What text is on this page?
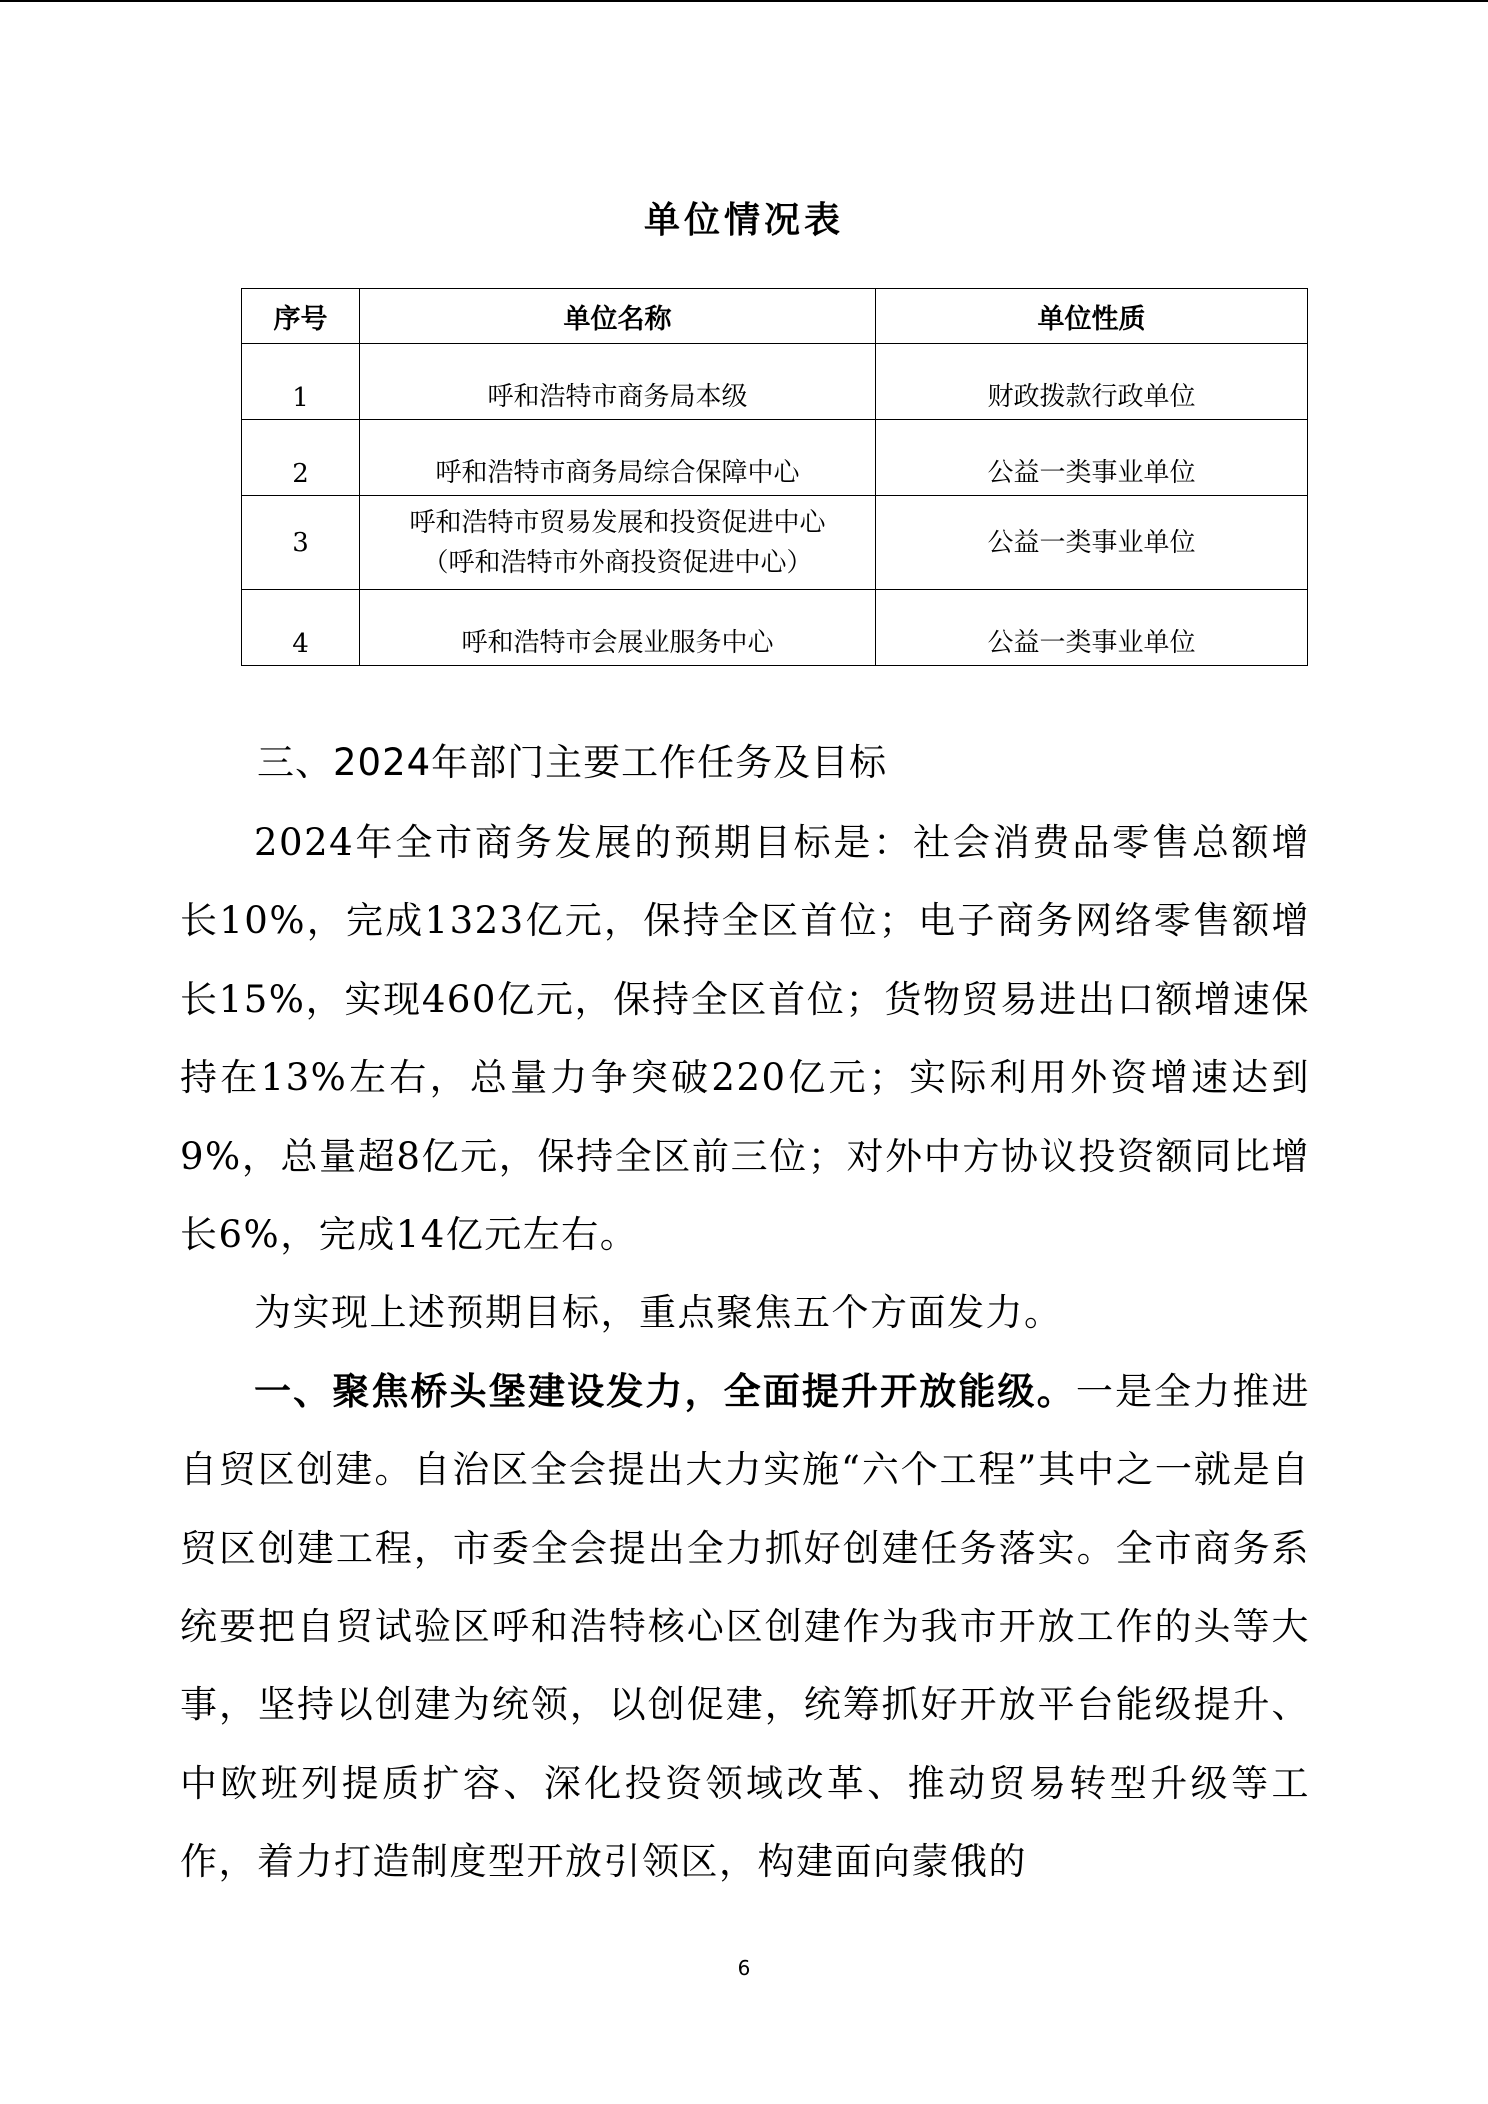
单位情况表
序号	单位名称	单位性质
1	呼和浩特市商务局本级	财政拨款行政单位
2	呼和浩特市商务局综合保障中心	公益一类事业单位
3	呼和浩特市贸易发展和投资促进中心
（呼和浩特市外商投资促进中心）	公益一类事业单位
4	呼和浩特市会展业服务中心	公益一类事业单位
三、2024年部门主要工作任务及目标

2024年全市商务发展的预期目标是：社会消费品零售总额增长10%，完成1323亿元，保持全区首位；电子商务网络零售额增长15%，实现460亿元，保持全区首位；货物贸易进出口额增速保持在13%左右，总量力争突破220亿元；实际利用外资增速达到9%，总量超8亿元，保持全区前三位；对外中方协议投资额同比增长6%，完成14亿元左右。

为实现上述预期目标，重点聚焦五个方面发力。

一、聚焦桥头堡建设发力，全面提升开放能级。一是全力推进自贸区创建。自治区全会提出大力实施“六个工程”其中之一就是自贸区创建工程，市委全会提出全力抓好创建任务落实。全市商务系统要把自贸试验区呼和浩特核心区创建作为我市开放工作的头等大事，坚持以创建为统领，以创促建，统筹抓好开放平台能级提升、中欧班列提质扩容、深化投资领域改革、推动贸易转型升级等工作，着力打造制度型开放引领区，构建面向蒙俄的

6
